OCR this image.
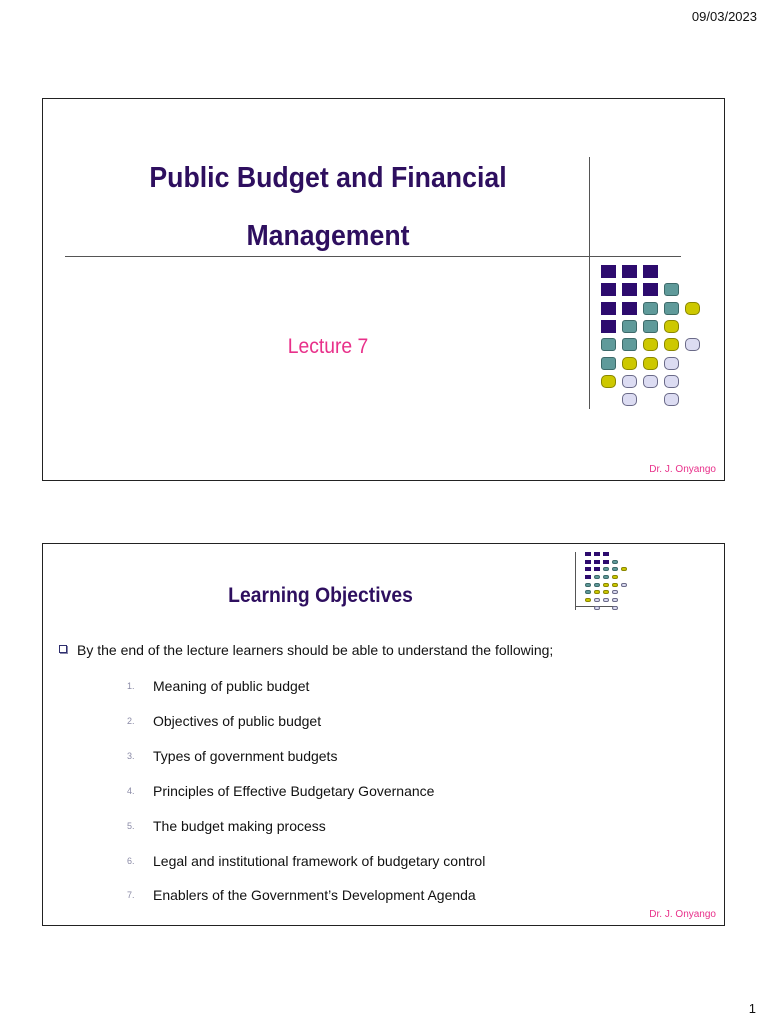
09/03/2023
Public Budget and Financial
Management
Lecture 7
Dr. J. Onyango
Learning Objectives
By the end of the lecture learners should be able to understand the following;
1. Meaning of public budget
2. Objectives of public budget
3. Types of government budgets
4. Principles of Effective Budgetary Governance
5. The budget making process
6. Legal and institutional framework of budgetary control
7. Enablers of the Government’s Development Agenda
Dr. J. Onyango
1
